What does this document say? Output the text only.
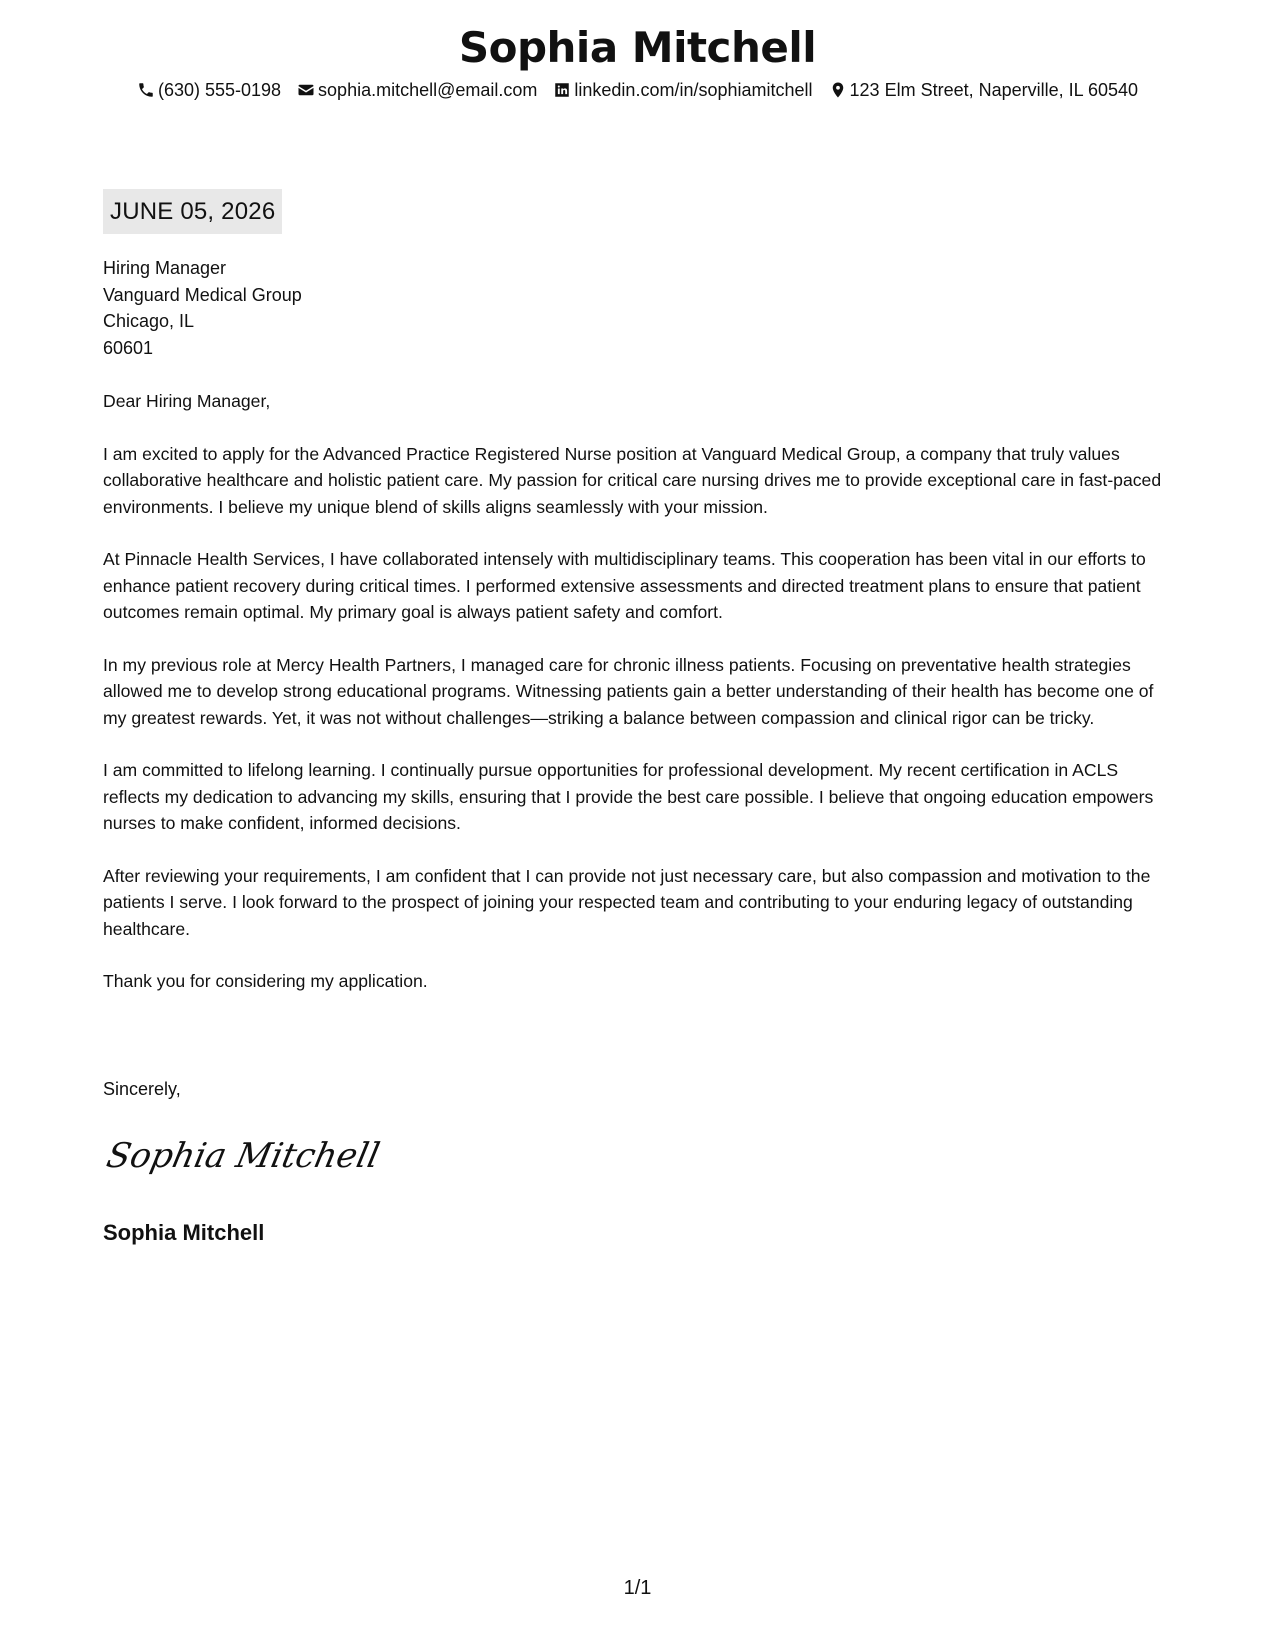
Sophia Mitchell
(630) 555-0198 sophia.mitchell@email.com linkedin.com/in/sophiamitchell 123 Elm Street, Naperville, IL 60540
JUNE 05, 2026
Hiring Manager
Vanguard Medical Group
Chicago, IL
60601

Dear Hiring Manager,

I am excited to apply for the Advanced Practice Registered Nurse position at Vanguard Medical Group, a company that truly values collaborative healthcare and holistic patient care. My passion for critical care nursing drives me to provide exceptional care in fast-paced environments. I believe my unique blend of skills aligns seamlessly with your mission.

At Pinnacle Health Services, I have collaborated intensely with multidisciplinary teams. This cooperation has been vital in our efforts to enhance patient recovery during critical times. I performed extensive assessments and directed treatment plans to ensure that patient outcomes remain optimal. My primary goal is always patient safety and comfort.

In my previous role at Mercy Health Partners, I managed care for chronic illness patients. Focusing on preventative health strategies allowed me to develop strong educational programs. Witnessing patients gain a better understanding of their health has become one of my greatest rewards. Yet, it was not without challenges—striking a balance between compassion and clinical rigor can be tricky.

I am committed to lifelong learning. I continually pursue opportunities for professional development. My recent certification in ACLS reflects my dedication to advancing my skills, ensuring that I provide the best care possible. I believe that ongoing education empowers nurses to make confident, informed decisions.

After reviewing your requirements, I am confident that I can provide not just necessary care, but also compassion and motivation to the patients I serve. I look forward to the prospect of joining your respected team and contributing to your enduring legacy of outstanding healthcare.

Thank you for considering my application.

Sincerely,
Sophia Mitchell
Sophia Mitchell
1/1
